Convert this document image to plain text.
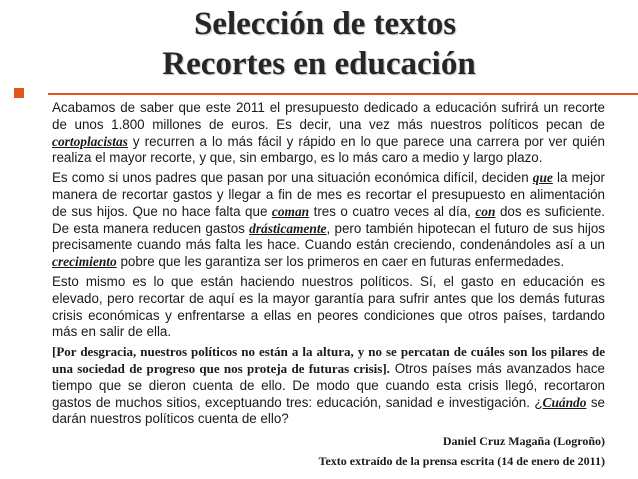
Selección de textos
Recortes en educación

Acabamos de saber que este 2011 el presupuesto dedicado a educación sufrirá un recorte de unos 1.800 millones de euros. Es decir, una vez más nuestros políticos pecan de cortoplacistas y recurren a lo más fácil y rápido en lo que parece una carrera por ver quién realiza el mayor recorte, y que, sin embargo, es lo más caro a medio y largo plazo.

Es como si unos padres que pasan por una situación económica difícil, deciden que la mejor manera de recortar gastos y llegar a fin de mes es recortar el presupuesto en alimentación de sus hijos. Que no hace falta que coman tres o cuatro veces al día, con dos es suficiente. De esta manera reducen gastos drásticamente, pero también hipotecan el futuro de sus hijos precisamente cuando más falta les hace. Cuando están creciendo, condenándoles así a un crecimiento pobre que les garantiza ser los primeros en caer en futuras enfermedades.

Esto mismo es lo que están haciendo nuestros políticos. Sí, el gasto en educación es elevado, pero recortar de aquí es la mayor garantía para sufrir antes que los demás futuras crisis económicas y enfrentarse a ellas en peores condiciones que otros países, tardando más en salir de ella.

[Por desgracia, nuestros políticos no están a la altura, y no se percatan de cuáles son los pilares de una sociedad de progreso que nos proteja de futuras crisis]. Otros países más avanzados hace tiempo que se dieron cuenta de ello. De modo que cuando esta crisis llegó, recortaron gastos de muchos sitios, exceptuando tres: educación, sanidad e investigación. ¿Cuándo se darán nuestros políticos cuenta de ello?

Daniel Cruz Magaña (Logroño)
Texto extraído de la prensa escrita (14 de enero de 2011)
